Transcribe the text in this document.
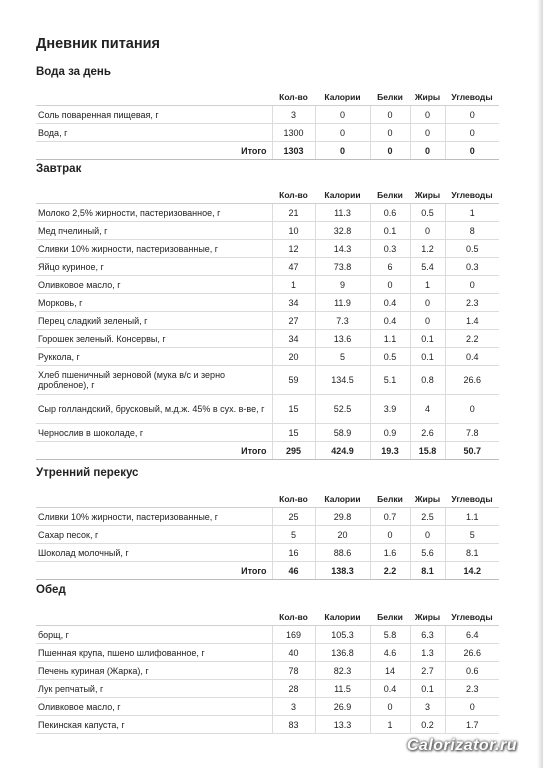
Дневник питания
Вода за день
	Кол-во	Калории	Белки	Жиры	Углеводы
Соль поваренная пищевая, г	3	0	0	0	0
Вода, г	1300	0	0	0	0
Итого	1303	0	0	0	0
Завтрак
	Кол-во	Калории	Белки	Жиры	Углеводы
Молоко 2,5% жирности, пастеризованное, г	21	11.3	0.6	0.5	1
Мед пчелиный, г	10	32.8	0.1	0	8
Сливки 10% жирности, пастеризованные, г	12	14.3	0.3	1.2	0.5
Яйцо куриное, г	47	73.8	6	5.4	0.3
Оливковое масло, г	1	9	0	1	0
Морковь, г	34	11.9	0.4	0	2.3
Перец сладкий зеленый, г	27	7.3	0.4	0	1.4
Горошек зеленый. Консервы, г	34	13.6	1.1	0.1	2.2
Руккола, г	20	5	0.5	0.1	0.4
Хлеб пшеничный зерновой (мука в/с и зерно дробленое), г	59	134.5	5.1	0.8	26.6
Сыр голландский, брусковый, м.д.ж. 45% в сух. в-ве, г	15	52.5	3.9	4	0
Чернослив в шоколаде, г	15	58.9	0.9	2.6	7.8
Итого	295	424.9	19.3	15.8	50.7
Утренний перекус
	Кол-во	Калории	Белки	Жиры	Углеводы
Сливки 10% жирности, пастеризованные, г	25	29.8	0.7	2.5	1.1
Сахар песок, г	5	20	0	0	5
Шоколад молочный, г	16	88.6	1.6	5.6	8.1
Итого	46	138.3	2.2	8.1	14.2
Обед
	Кол-во	Калории	Белки	Жиры	Углеводы
борщ, г	169	105.3	5.8	6.3	6.4
Пшенная крупа, пшено шлифованное, г	40	136.8	4.6	1.3	26.6
Печень куриная (Жарка), г	78	82.3	14	2.7	0.6
Лук репчатый, г	28	11.5	0.4	0.1	2.3
Оливковое масло, г	3	26.9	0	3	0
Пекинская капуста, г	83	13.3	1	0.2	1.7
Calorizator.ru
